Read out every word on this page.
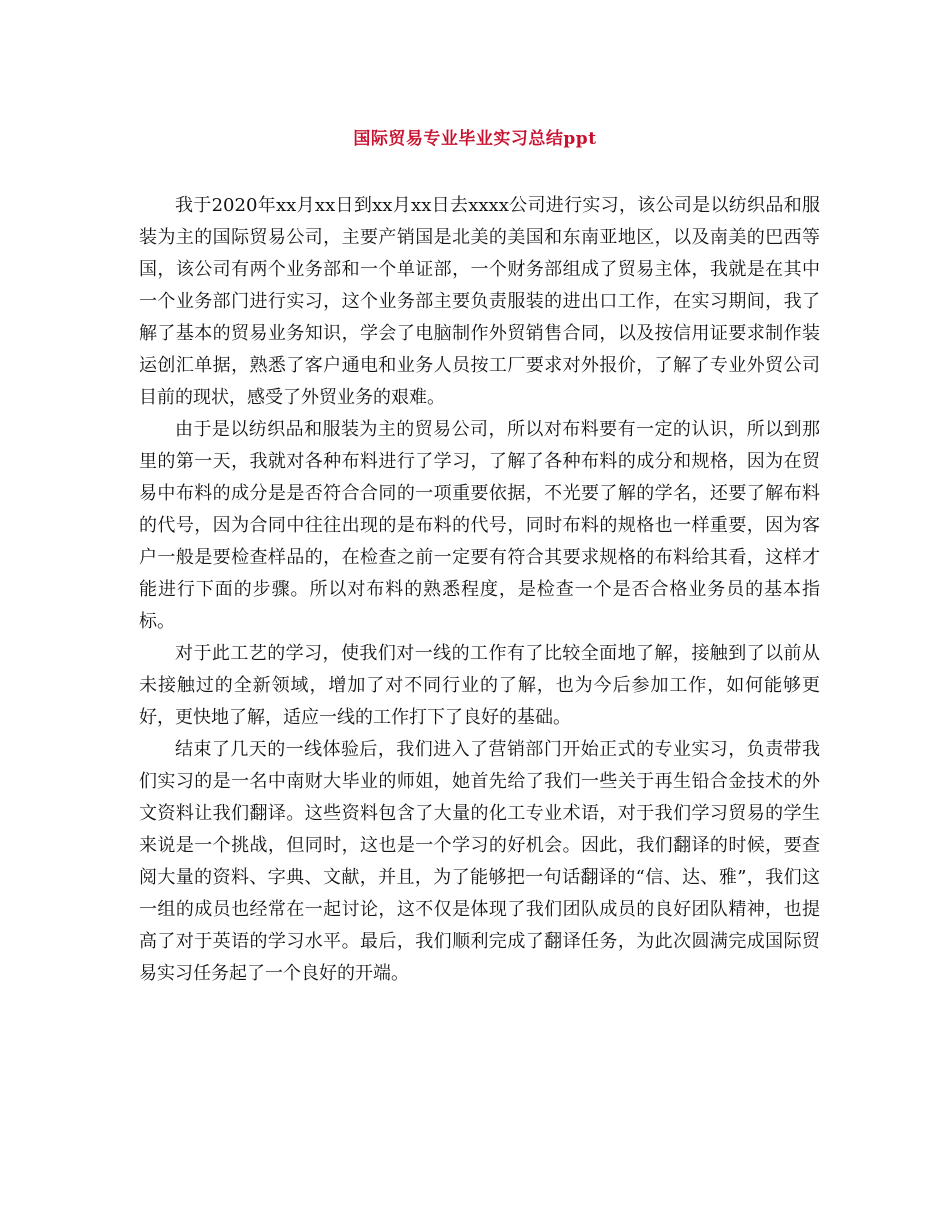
国际贸易专业毕业实习总结ppt

我于2020年xx月xx日到xx月xx日去xxxx公司进行实习，该公司是以纺织品和服装为主的国际贸易公司，主要产销国是北美的美国和东南亚地区，以及南美的巴西等国，该公司有两个业务部和一个单证部，一个财务部组成了贸易主体，我就是在其中一个业务部门进行实习，这个业务部主要负责服装的进出口工作，在实习期间，我了解了基本的贸易业务知识，学会了电脑制作外贸销售合同，以及按信用证要求制作装运创汇单据，熟悉了客户通电和业务人员按工厂要求对外报价，了解了专业外贸公司目前的现状，感受了外贸业务的艰难。

由于是以纺织品和服装为主的贸易公司，所以对布料要有一定的认识，所以到那里的第一天，我就对各种布料进行了学习，了解了各种布料的成分和规格，因为在贸易中布料的成分是是否符合合同的一项重要依据，不光要了解的学名，还要了解布料的代号，因为合同中往往出现的是布料的代号，同时布料的规格也一样重要，因为客户一般是要检查样品的，在检查之前一定要有符合其要求规格的布料给其看，这样才能进行下面的步骤。所以对布料的熟悉程度，是检查一个是否合格业务员的基本指标。

对于此工艺的学习，使我们对一线的工作有了比较全面地了解，接触到了以前从未接触过的全新领域，增加了对不同行业的了解，也为今后参加工作，如何能够更好，更快地了解，适应一线的工作打下了良好的基础。

结束了几天的一线体验后，我们进入了营销部门开始正式的专业实习，负责带我们实习的是一名中南财大毕业的师姐，她首先给了我们一些关于再生铅合金技术的外文资料让我们翻译。这些资料包含了大量的化工专业术语，对于我们学习贸易的学生来说是一个挑战，但同时，这也是一个学习的好机会。因此，我们翻译的时候，要查阅大量的资料、字典、文献，并且，为了能够把一句话翻译的“信、达、雅”，我们这一组的成员也经常在一起讨论，这不仅是体现了我们团队成员的良好团队精神，也提高了对于英语的学习水平。最后，我们顺利完成了翻译任务，为此次圆满完成国际贸易实习任务起了一个良好的开端。
